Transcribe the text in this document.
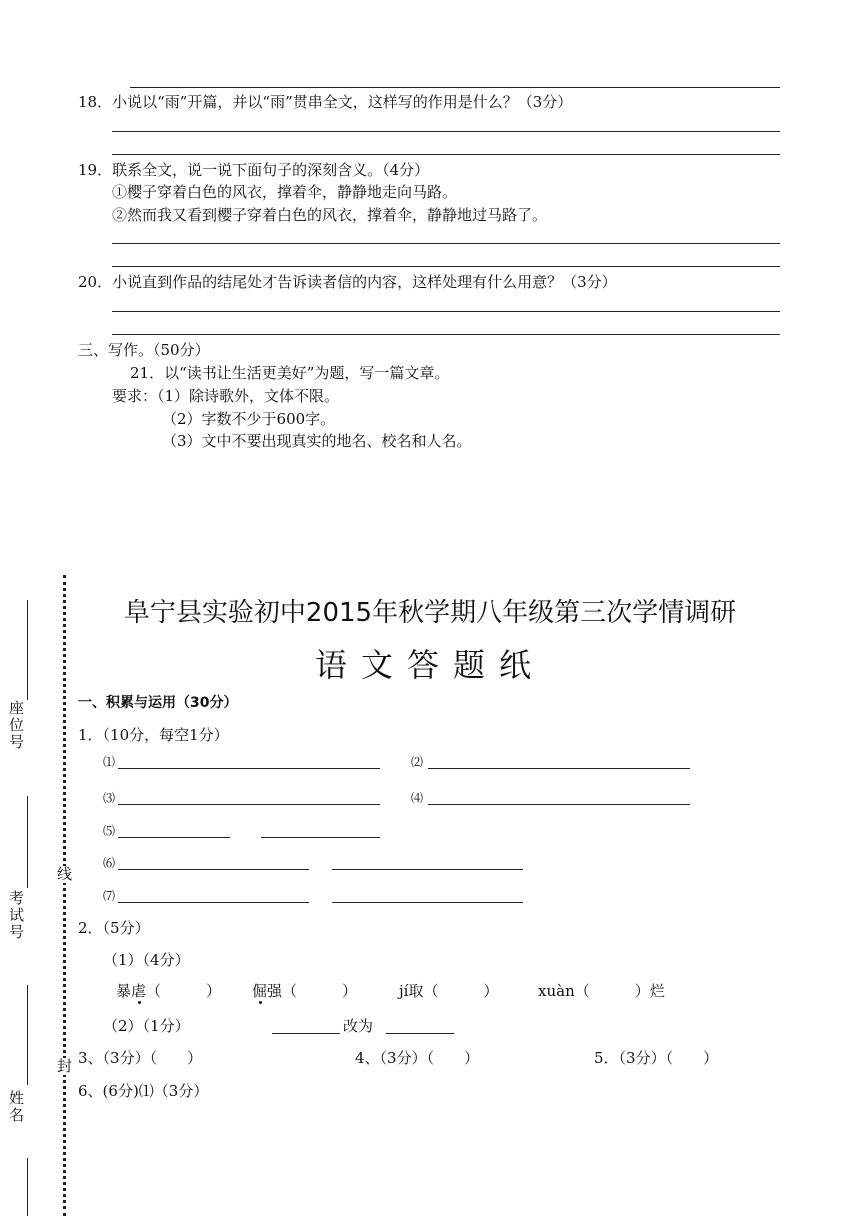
18．小说以“雨”开篇，并以“雨”贯串全文，这样写的作用是什么？（3分）
19．联系全文，说一说下面句子的深刻含义。（4分）
①樱子穿着白色的风衣，撑着伞，静静地走向马路。
②然而我又看到樱子穿着白色的风衣，撑着伞，静静地过马路了。
20．小说直到作品的结尾处才告诉读者信的内容，这样处理有什么用意？（3分）
三、写作。（50分）
21．以“读书让生活更美好”为题，写一篇文章。
要求：（1）除诗歌外，文体不限。
（2）字数不少于600字。
（3）文中不要出现真实的地名、校名和人名。
座位号
考试号
姓名
线
封
阜宁县实验初中2015年秋学期八年级第三次学情调研
语文答题纸
一、积累与运用（30分）
1．（10分，每空1分）
⑴	⑵
⑶	⑷
⑸
⑹
⑺
2．（5分）
（1）（4分）
暴虐（　　　） 倔强（　　　）	jí取（　　　）	xuàn（　　　）烂
（2）（1分）	改为
3、（3分）（　　）	4、（3分）（　　）	5．（3分）（　　）
6、(6分)⑴（3分）
